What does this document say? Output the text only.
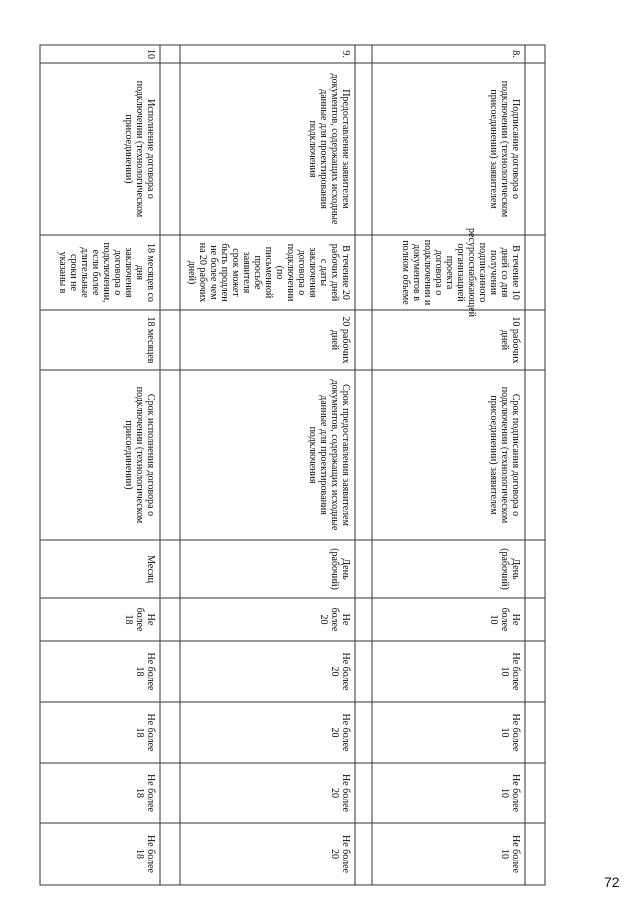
8.
Подписание договора оподключении (технологическомприсоединении) заявителем
В течение 10дней со дняполученияподписанногоресурсоснабжающейорганизациейпроектадоговора оподключении идокументов вполном объеме
10 рабочихдней
Срок подписания договора оподключении (технологическомприсоединении) заявителем
День(рабочий)
Неболее10
Не более10
Не более10
Не более10
Не более10
9.
Предоставление заявителемдокументов, содержащих исходныеданные для проектированияподключения
В течение 20рабочих днейс датызаключениядоговора оподключении(пописьменнойпросьбезаявителясрок можетбыть продленне более чемна 20 рабочихдней)
20 рабочихдней
Срок предоставления заявителемдокументов, содержащих исходныеданные для проектированияподключения
День(рабочий)
Неболее20
Не более20
Не более20
Не более20
Не более20
10
Исполнение договора оподключении (технологическомприсоединении)
18 месяцев соднязаключениядоговора оподключении,если болеедлительныесроки неуказаны в
18 месяцев
Срок исполнения договора оподключении (технологическомприсоединении)
Месяц
Неболее18
Не более18
Не более18
Не более18
Не более18
72
